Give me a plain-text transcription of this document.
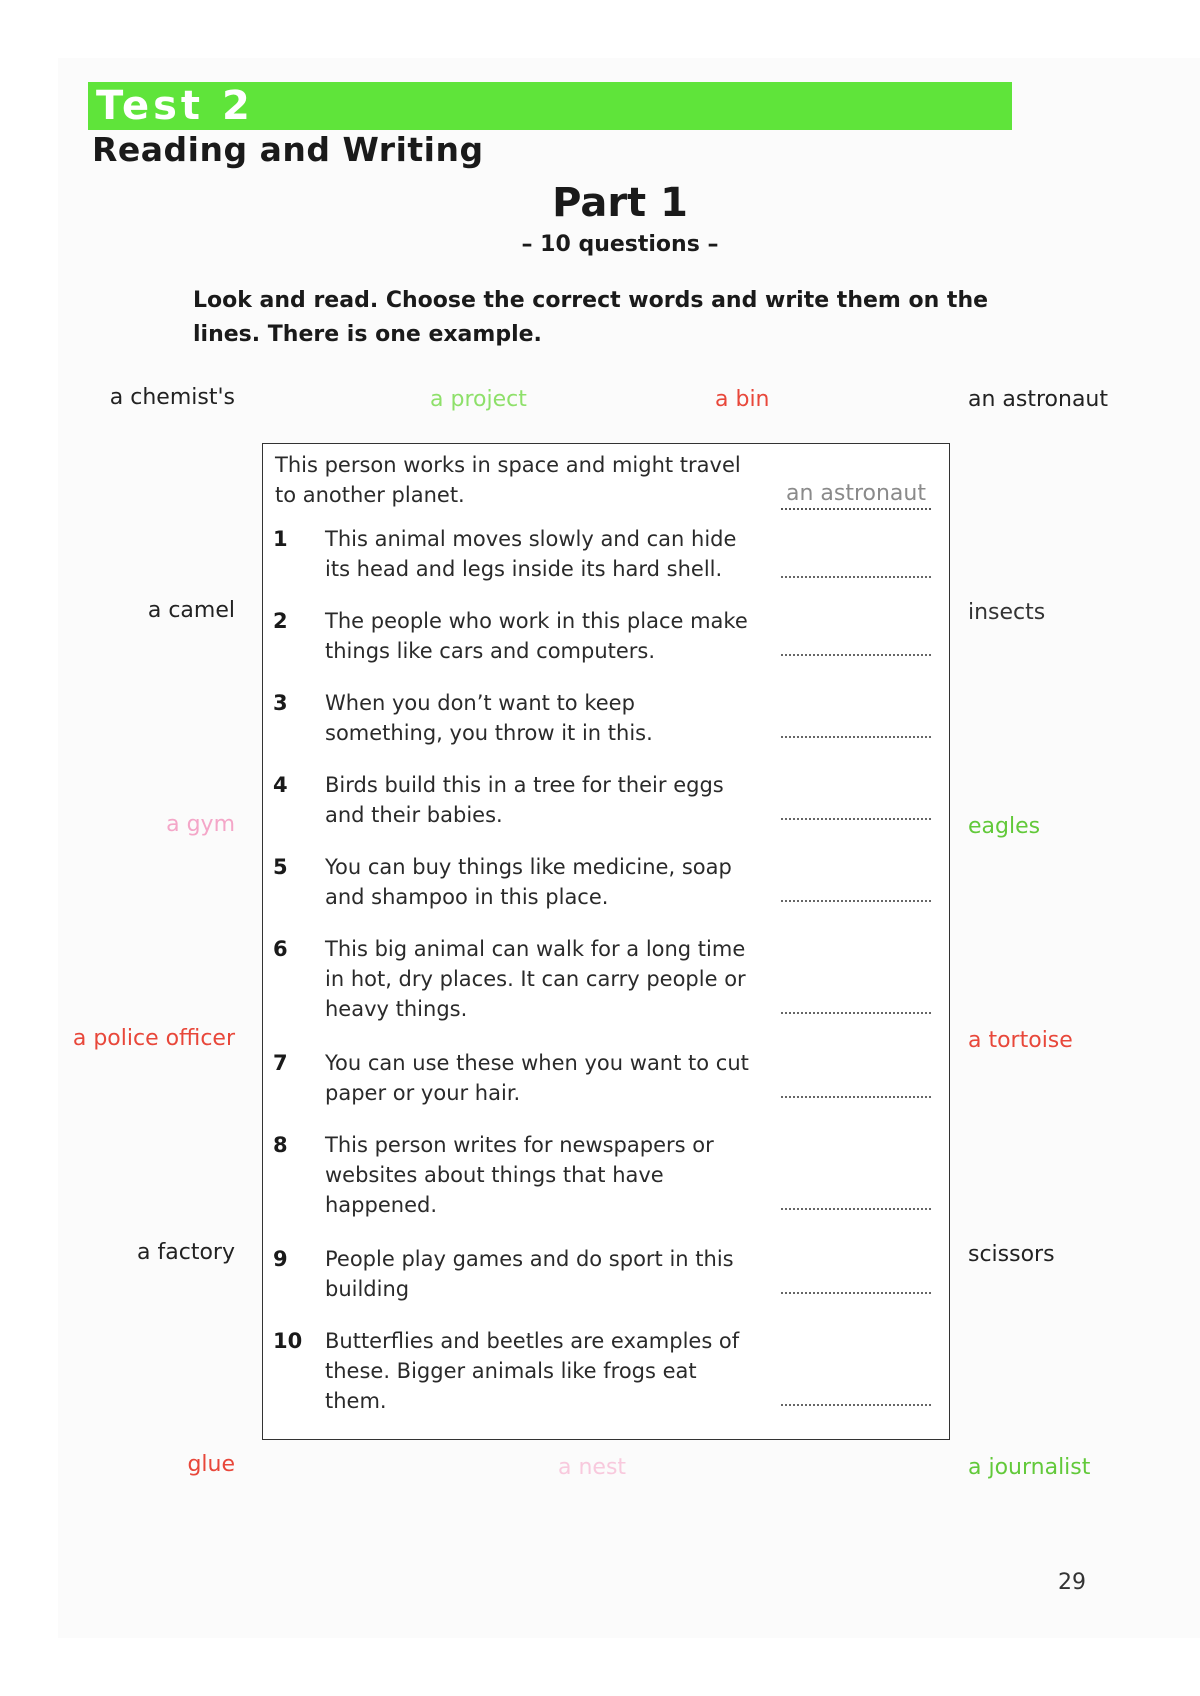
Test 2
Reading and Writing
Part 1
– 10 questions –
Look and read. Choose the correct words and write them on the lines. There is one example.
a chemist's	a project	a bin	an astronaut
a camel	insects
a gym	eagles
a police officer	a tortoise
a factory	scissors
glue	a nest	a journalist
This person works in space and might travel to another planet.	an astronaut
1	This animal moves slowly and can hide its head and legs inside its hard shell.
2	The people who work in this place make things like cars and computers.
3	When you don’t want to keep something, you throw it in this.
4	Birds build this in a tree for their eggs and their babies.
5	You can buy things like medicine, soap and shampoo in this place.
6	This big animal can walk for a long time in hot, dry places. It can carry people or heavy things.
7	You can use these when you want to cut paper or your hair.
8	This person writes for newspapers or websites about things that have happened.
9	People play games and do sport in this building
10	Butterflies and beetles are examples of these. Bigger animals like frogs eat them.
29
